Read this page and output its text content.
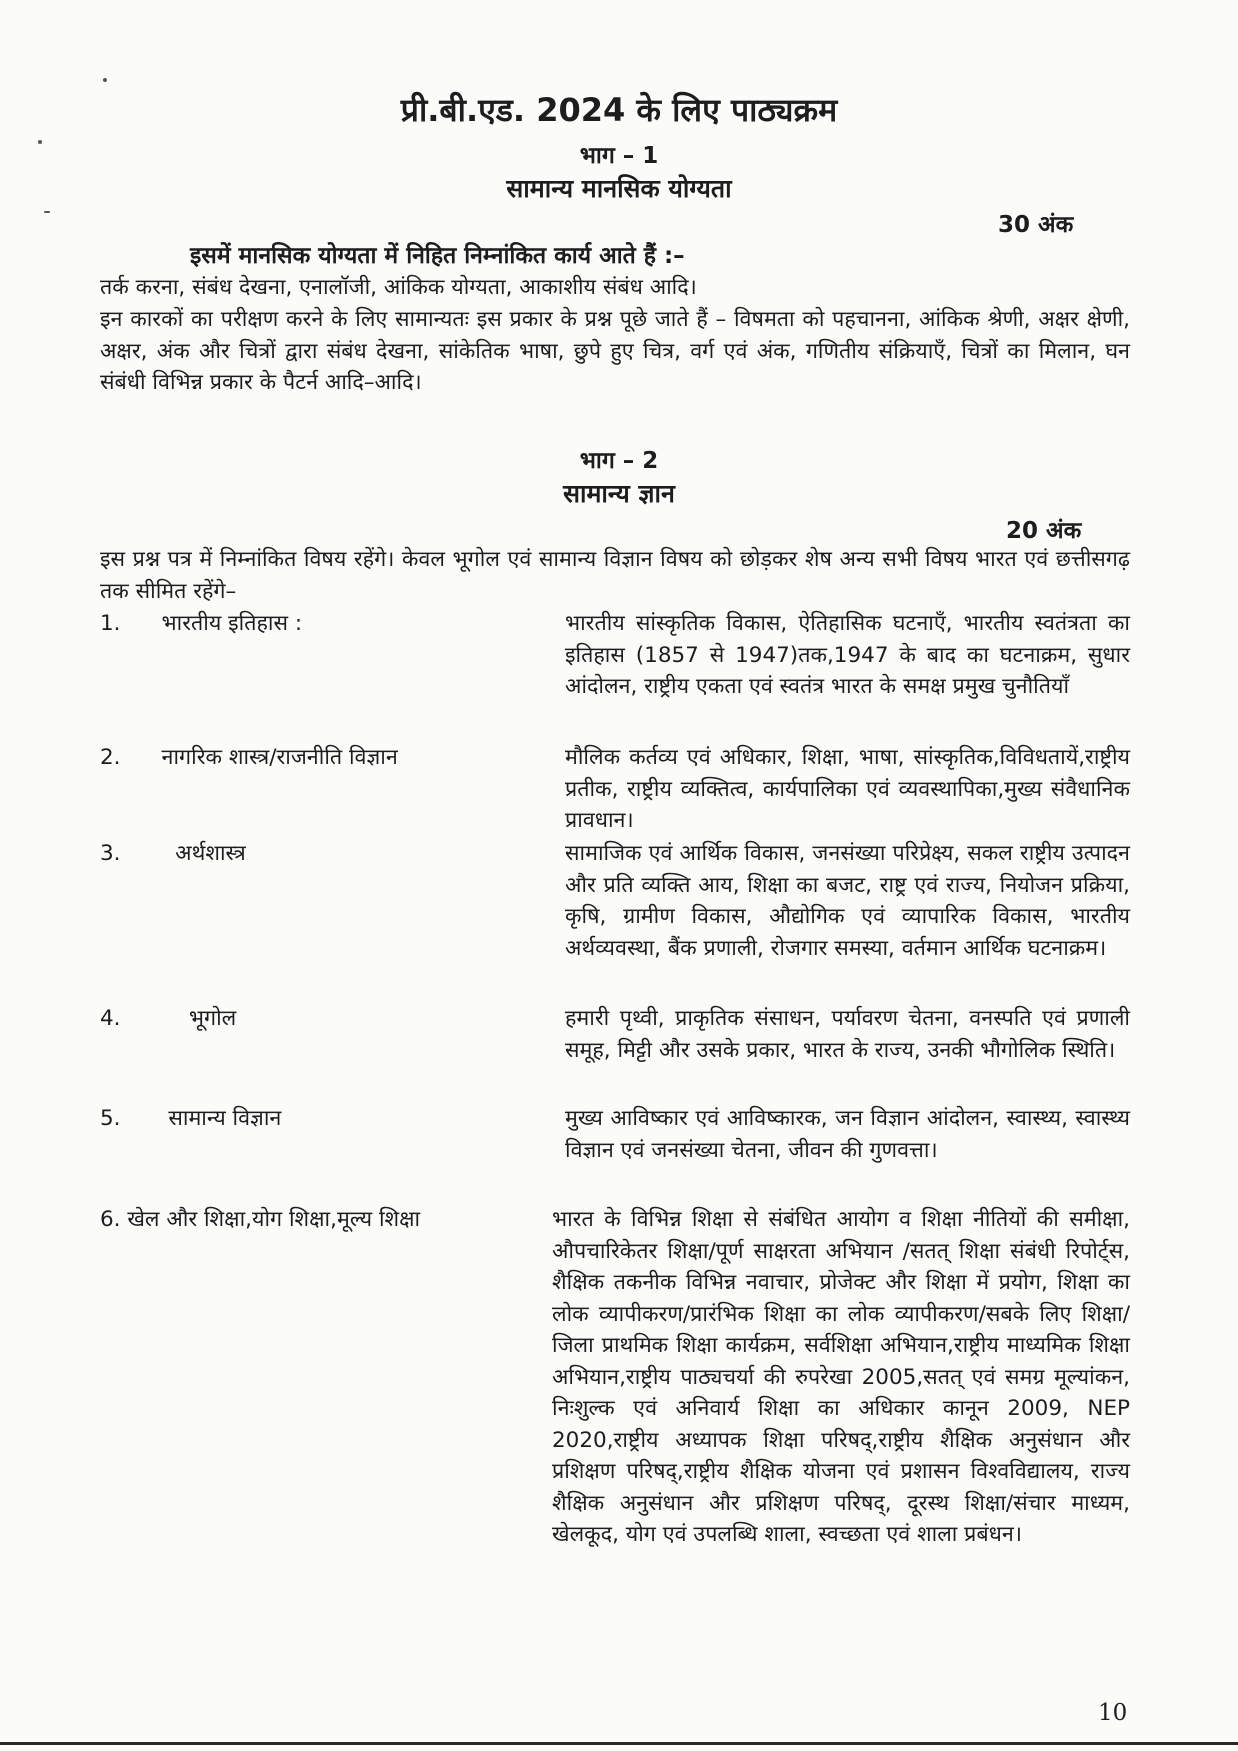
प्री.बी.एड. 2024 के लिए पाठ्यक्रम
भाग – 1
सामान्य मानसिक योग्यता
30 अंक
इसमें मानसिक योग्यता में निहित निम्नांकित कार्य आते हैं :–
तर्क करना, संबंध देखना, एनालॉजी, आंकिक योग्यता, आकाशीय संबंध आदि।
इन कारकों का परीक्षण करने के लिए सामान्यतः इस प्रकार के प्रश्न पूछे जाते हैं – विषमता को पहचानना, आंकिक श्रेणी, अक्षर क्षेणी, अक्षर, अंक और चित्रों द्वारा संबंध देखना, सांकेतिक भाषा, छुपे हुए चित्र, वर्ग एवं अंक, गणितीय संक्रियाएँ, चित्रों का मिलान, घन संबंधी विभिन्न प्रकार के पैटर्न आदि–आदि।
भाग – 2
सामान्य ज्ञान
20 अंक
इस प्रश्न पत्र में निम्नांकित विषय रहेंगे। केवल भूगोल एवं सामान्य विज्ञान विषय को छोड़कर शेष अन्य सभी विषय भारत एवं छत्तीसगढ़ तक सीमित रहेंगे–
1.      भारतीय इतिहास :	भारतीय सांस्कृतिक विकास, ऐतिहासिक घटनाएँ, भारतीय स्वतंत्रता का इतिहास (1857 से 1947)तक,1947 के बाद का घटनाक्रम, सुधार आंदोलन, राष्ट्रीय एकता एवं स्वतंत्र भारत के समक्ष प्रमुख चुनौतियाँ
2.      नागरिक शास्त्र/राजनीति विज्ञान	मौलिक कर्तव्य एवं अधिकार, शिक्षा, भाषा, सांस्कृतिक,विविधतायें,राष्ट्रीय प्रतीक, राष्ट्रीय व्यक्तित्व, कार्यपालिका एवं व्यवस्थापिका,मुख्य संवैधानिक प्रावधान।
3.        अर्थशास्त्र	सामाजिक एवं आर्थिक विकास, जनसंख्या परिप्रेक्ष्य, सकल राष्ट्रीय उत्पादन और प्रति व्यक्ति आय, शिक्षा का बजट, राष्ट्र एवं राज्य, नियोजन प्रक्रिया, कृषि, ग्रामीण विकास, औद्योगिक एवं व्यापारिक विकास, भारतीय अर्थव्यवस्था, बैंक प्रणाली, रोजगार समस्या, वर्तमान आर्थिक घटनाक्रम।
4.          भूगोल	हमारी पृथ्वी, प्राकृतिक संसाधन, पर्यावरण चेतना, वनस्पति एवं प्रणाली समूह, मिट्टी और उसके प्रकार, भारत के राज्य, उनकी भौगोलिक स्थिति।
5.       सामान्य विज्ञान	मुख्य आविष्कार एवं आविष्कारक, जन विज्ञान आंदोलन, स्वास्थ्य, स्वास्थ्य विज्ञान एवं जनसंख्या चेतना, जीवन की गुणवत्ता।
6. खेल और शिक्षा,योग शिक्षा,मूल्य शिक्षा	भारत के विभिन्न शिक्षा से संबंधित आयोग व शिक्षा नीतियों की समीक्षा, औपचारिकेतर शिक्षा/पूर्ण साक्षरता अभियान /सतत् शिक्षा संबंधी रिपोर्ट्स, शैक्षिक तकनीक विभिन्न नवाचार, प्रोजेक्ट और शिक्षा में प्रयोग, शिक्षा का लोक व्यापीकरण/प्रारंभिक शिक्षा का लोक व्यापीकरण/सबके लिए शिक्षा/जिला प्राथमिक शिक्षा कार्यक्रम, सर्वशिक्षा अभियान,राष्ट्रीय माध्यमिक शिक्षा अभियान,राष्ट्रीय पाठ्यचर्या की रुपरेखा 2005,सतत् एवं समग्र मूल्यांकन, निःशुल्क एवं अनिवार्य शिक्षा का अधिकार कानून 2009, NEP 2020,राष्ट्रीय अध्यापक शिक्षा परिषद्,राष्ट्रीय शैक्षिक अनुसंधान और प्रशिक्षण परिषद्,राष्ट्रीय शैक्षिक योजना एवं प्रशासन विश्वविद्यालय, राज्य शैक्षिक अनुसंधान और प्रशिक्षण परिषद्, दूरस्थ शिक्षा/संचार माध्यम, खेलकूद, योग एवं उपलब्धि शाला, स्वच्छता एवं शाला प्रबंधन।
10
